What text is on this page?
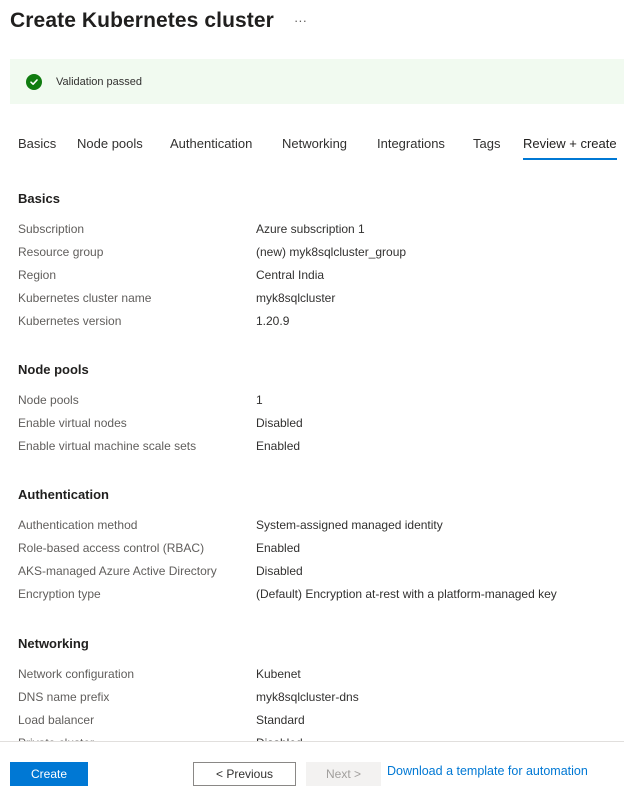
Create Kubernetes cluster ···
Validation passed
Basics Node pools Authentication Networking Integrations Tags Review + create
Basics
Subscription	Azure subscription 1
Resource group	(new) myk8sqlcluster_group
Region	Central India
Kubernetes cluster name	myk8sqlcluster
Kubernetes version	1.20.9
Node pools
Node pools	1
Enable virtual nodes	Disabled
Enable virtual machine scale sets	Enabled
Authentication
Authentication method	System-assigned managed identity
Role-based access control (RBAC)	Enabled
AKS-managed Azure Active Directory	Disabled
Encryption type	(Default) Encryption at-rest with a platform-managed key
Networking
Network configuration	Kubenet
DNS name prefix	myk8sqlcluster-dns
Load balancer	Standard
Create	< Previous	Next >	Download a template for automation
